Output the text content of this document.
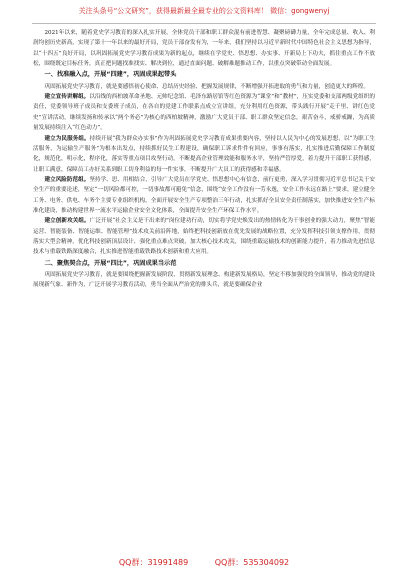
关注头条号“公文研究”，获得最新最全最专业的公文资料库！ 微信：gongwenyj

2021年以来，随着党史学习教育的深入扎实开展，全体党员干部和职工群众混有前进智慧、凝聚磅礴力量，全年完成总量、收入、利润均创历史新高，实现了第十一年以来的最好开局，党员干部奋发有为，一年来，我们坚持以习近平新时代中国特色社会主义思想为指导，以“十四五”良好开局，以巩固拓展党史学习教育成果为新的起点，继续在学党史、悟思想、办实事、开新局上下功夫，抓住重点工作不放松，围绕既定目标任务，真正把问题找准找实、解决到位，通过直面问题、破解难题推动工作，以重点突破带动全面发展。

一、找准融入点，开展“四建”，巩固成果起带头

巩固拓展党史学习教育，就是要感悟初心使命、总结历史经验、把握发展规律，不断增强开拓进取的勇气和力量，创造更大的辉煌。

建立宣传讲解组。以沿线的西柏坡革命圣地、元帅纪念馆、毛泽东路居馆等红色资源为“课堂”和“教材”，压实党委和支部两级党组织的责任，党委领导班子成员和支委班子成员，在各自的党建工作联系点成立宣讲组，充分利用红色资源，带头践行开展“走千里、讲红色党史”宣讲活动，继续发扬和传承以“两个务必”为核心的西柏坡精神，激励广大党员干部、职工群众坚定信念，艰苦奋斗，戒骄戒躁，为高质量发展持续注入“红色动力”。

建立为民服务组。持续开展“我为群众办实事”作为巩固拓展党史学习教育成果重要内容，坚持以人民为中心的发展思想，以“为职工生活服务，为运输生产服务”为根本出发点，持续抓好民生工程建设，确保职工诉求件件有回应，事事有落实，扎实推进后勤保障工作制度化，规范化，明示化，程序化，落实等重点项目攻坚行动，不断提高企业管理效能和服务水平，坚持严管厚爱，着力提升干部职工获得感，让职工满意，保障员工办好关系到职工切身利益的每一件实事，不断提升广大员工的获得感和幸福感。

建立风险防范组。坚持学、思、用相结合，引导广大党员在学党史、悟思想中心有信念，前行更勇，深入学习贯彻习近平总书记关于安全生产的重要论述，坚定“一切风险都可控，一切事故都可避免”信念，围绕“安全工作没有一劳永逸，安全工作永远在路上”要求，建立健全工务、电务、供电、车务个主要专业组织机构，全面开展安全生产专项整治三年行动，扎实抓好全员安全责任制落实，加快推进安全生产标准化建设，推动构建世界一流水平运输企业安全文化体系，全面提升安全生产环保工作水平。

建立创新攻关组。广泛开展“社会主义是干出来的”岗位建功行动，切实将学党史焕发出的热情转化为干事创业的强大动力，聚焦“智能运营、智能装备、智能运维、智能管理”技术攻关前沿阵地，始终把科技创新放在优先发展的战略位置，充分发挥科技引领支撑作用，贯彻落实大型会精神，优化科技创新顶层设计，强化重点难点突破，加大核心技术攻关，围绕重载运输技术的创新能力提升，着力推动先进信息技术与重载铁路深度融合，扎实推进智能重载铁路技术创新和重大应用。

二、聚焦契合点，开展“四比”，巩固成果当示范

巩固拓展党史学习教育，就是要围绕把握新发展阶段，贯彻新发展理念、构建新发展格局，坚定不移加强党的全面领导，推动党的建设展现新气象、新作为，广泛开展学习教育活动，勇当全面从严治党的排头兵，就是要确保企业

QQ群：31991489	QQ群：535304092
